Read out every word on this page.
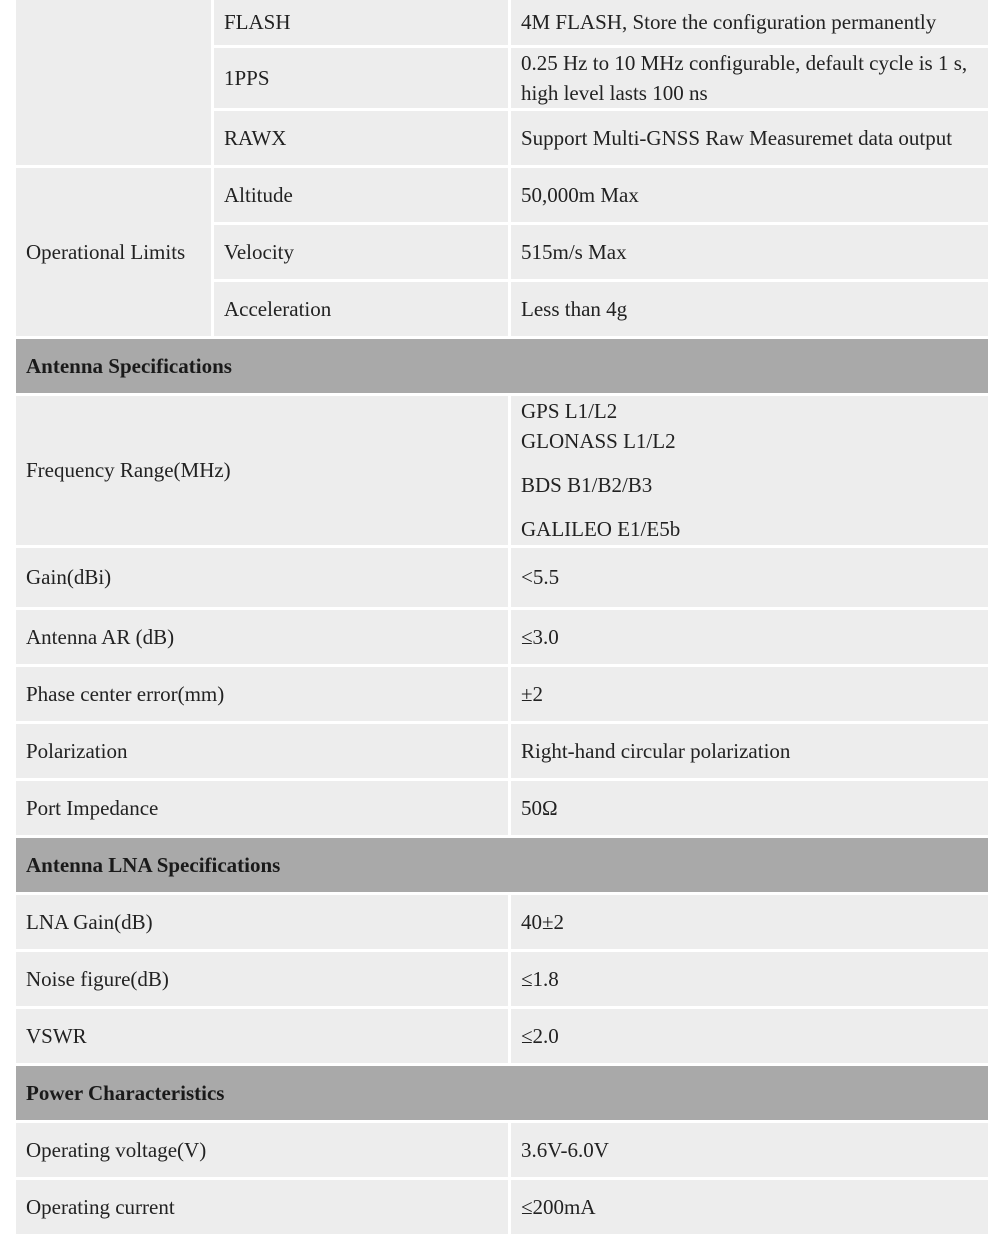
	FLASH	4M FLASH, Store the configuration permanently
	1PPS	0.25 Hz to 10 MHz configurable, default cycle is 1 s,
high level lasts 100 ns

	RAWX	Support Multi-GNSS Raw Measuremet data output
Operational Limits	Altitude	50,000m Max
	Velocity	515m/s Max
	Acceleration	Less than 4g
Antenna Specifications		
Frequency Range(MHz)		GPS L1/L2
GLONASS L1/L2
BDS B1/B2/B3
GALILEO E1/E5b

Gain(dBi)		<5.5
Antenna AR (dB)		≤3.0
Phase center error(mm)		±2
Polarization		Right-hand circular polarization
Port Impedance		50Ω
Antenna LNA Specifications		
LNA Gain(dB)		40±2
Noise figure(dB)		≤1.8
VSWR		≤2.0
Power Characteristics		
Operating voltage(V)		3.6V-6.0V
Operating current		≤200mA
